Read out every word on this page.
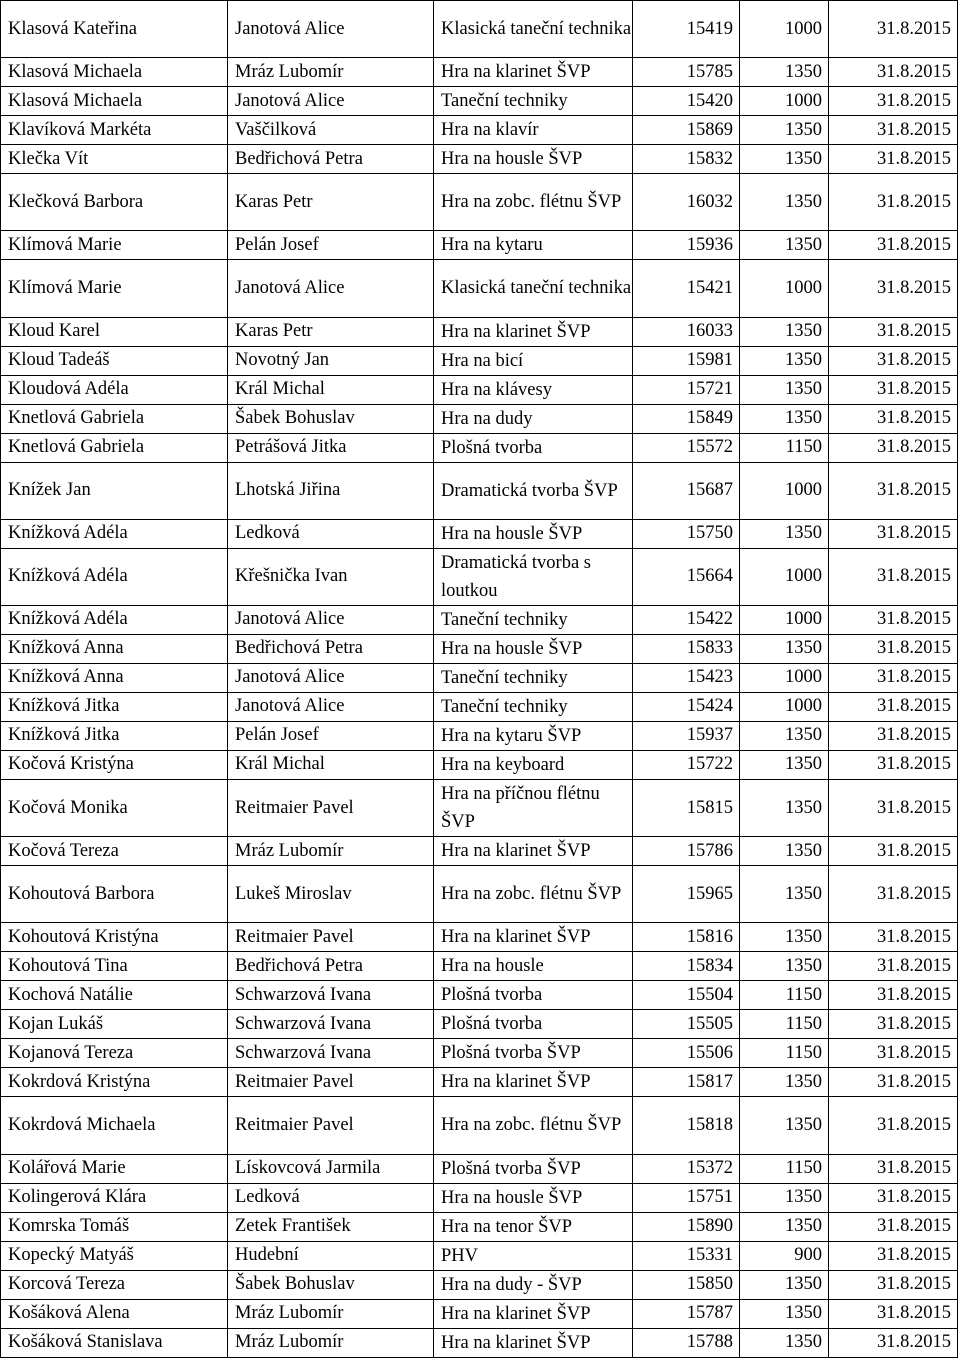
Klasová Kateřina	Janotová Alice	Klasická taneční technika	15419	1000	31.8.2015
Klasová Michaela	Mráz Lubomír	Hra na klarinet ŠVP	15785	1350	31.8.2015
Klasová Michaela	Janotová Alice	Taneční techniky	15420	1000	31.8.2015
Klavíková Markéta	Vaščilková	Hra na klavír	15869	1350	31.8.2015
Klečka Vít	Bedřichová Petra	Hra na housle ŠVP	15832	1350	31.8.2015
Klečková Barbora	Karas Petr	Hra na zobc. flétnu ŠVP	16032	1350	31.8.2015
Klímová Marie	Pelán Josef	Hra na kytaru	15936	1350	31.8.2015
Klímová Marie	Janotová Alice	Klasická taneční technika	15421	1000	31.8.2015
Kloud Karel	Karas Petr	Hra na klarinet ŠVP	16033	1350	31.8.2015
Kloud Tadeáš	Novotný Jan	Hra na bicí	15981	1350	31.8.2015
Kloudová Adéla	Král Michal	Hra na klávesy	15721	1350	31.8.2015
Knetlová Gabriela	Šabek Bohuslav	Hra na dudy	15849	1350	31.8.2015
Knetlová Gabriela	Petrášová Jitka	Plošná tvorba	15572	1150	31.8.2015
Knížek Jan	Lhotská Jiřina	Dramatická tvorba ŠVP	15687	1000	31.8.2015
Knížková Adéla	Ledková	Hra na housle ŠVP	15750	1350	31.8.2015
Knížková Adéla	Křešnička Ivan	Dramatická tvorba s loutkou	15664	1000	31.8.2015
Knížková Adéla	Janotová Alice	Taneční techniky	15422	1000	31.8.2015
Knížková Anna	Bedřichová Petra	Hra na housle ŠVP	15833	1350	31.8.2015
Knížková Anna	Janotová Alice	Taneční techniky	15423	1000	31.8.2015
Knížková Jitka	Janotová Alice	Taneční techniky	15424	1000	31.8.2015
Knížková Jitka	Pelán Josef	Hra na kytaru ŠVP	15937	1350	31.8.2015
Kočová Kristýna	Král Michal	Hra na keyboard	15722	1350	31.8.2015
Kočová Monika	Reitmaier Pavel	Hra na příčnou flétnu ŠVP	15815	1350	31.8.2015
Kočová Tereza	Mráz Lubomír	Hra na klarinet ŠVP	15786	1350	31.8.2015
Kohoutová Barbora	Lukeš Miroslav	Hra na zobc. flétnu ŠVP	15965	1350	31.8.2015
Kohoutová Kristýna	Reitmaier Pavel	Hra na klarinet ŠVP	15816	1350	31.8.2015
Kohoutová Tina	Bedřichová Petra	Hra na housle	15834	1350	31.8.2015
Kochová Natálie	Schwarzová Ivana	Plošná tvorba	15504	1150	31.8.2015
Kojan Lukáš	Schwarzová Ivana	Plošná tvorba	15505	1150	31.8.2015
Kojanová Tereza	Schwarzová Ivana	Plošná tvorba ŠVP	15506	1150	31.8.2015
Kokrdová Kristýna	Reitmaier Pavel	Hra na klarinet ŠVP	15817	1350	31.8.2015
Kokrdová Michaela	Reitmaier Pavel	Hra na zobc. flétnu ŠVP	15818	1350	31.8.2015
Kolářová Marie	Lískovcová Jarmila	Plošná tvorba ŠVP	15372	1150	31.8.2015
Kolingerová Klára	Ledková	Hra na housle ŠVP	15751	1350	31.8.2015
Komrska Tomáš	Zetek František	Hra na tenor ŠVP	15890	1350	31.8.2015
Kopecký Matyáš	Hudební	PHV	15331	900	31.8.2015
Korcová Tereza	Šabek Bohuslav	Hra na dudy - ŠVP	15850	1350	31.8.2015
Košáková Alena	Mráz Lubomír	Hra na klarinet ŠVP	15787	1350	31.8.2015
Košáková Stanislava	Mráz Lubomír	Hra na klarinet ŠVP	15788	1350	31.8.2015
